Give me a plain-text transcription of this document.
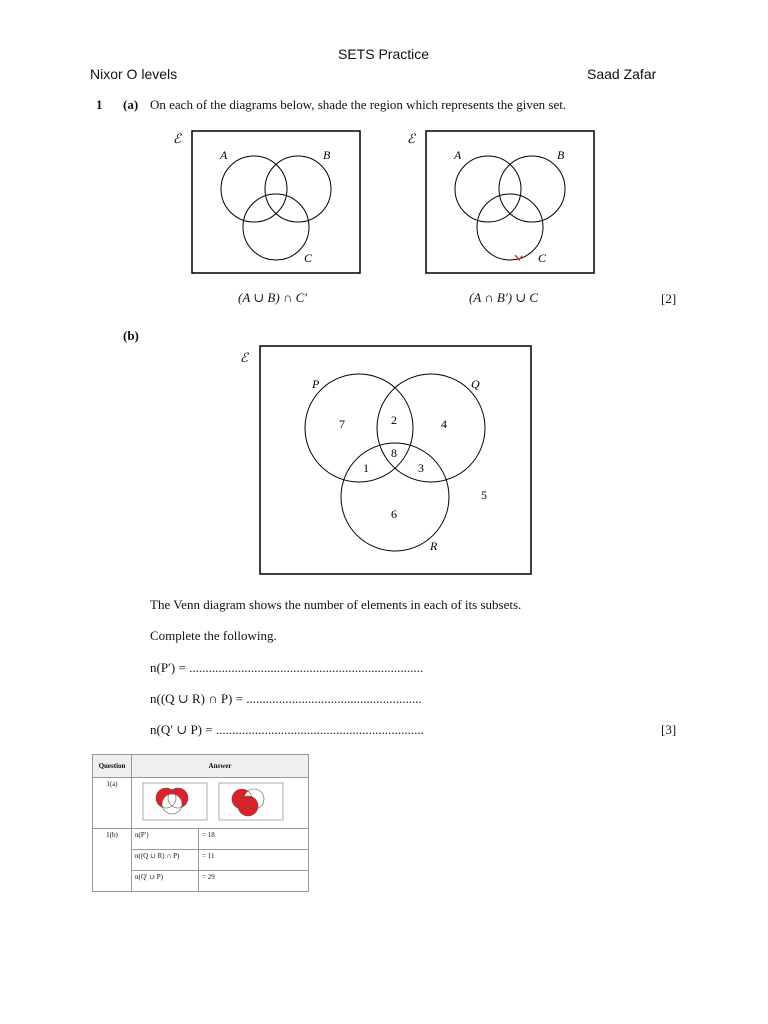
SETS Practice
Nixor O levels	Saad Zafar
1 (a) On each of the diagrams below, shade the region which represents the given set.
ℰ
A	B
C
(A ∪ B) ∩ C′
ℰ
A	B
C
(A ∩ B′) ∪ C	[2]
(b)
ℰ
P	Q
R
7	2	4
1
8
3
6
5
The Venn diagram shows the number of elements in each of its subsets.
Complete the following.
n(P′) = ........................................................................
n((Q ∪ R) ∩ P) = ......................................................
n(Q′ ∪ P) = ................................................................	[3]
Question	Answer	
1(a)	
1(b)	n(P′)	= 18
	n((Q ∪ R) ∩ P)	= 11
	n(Q′ ∪ P)	= 29
